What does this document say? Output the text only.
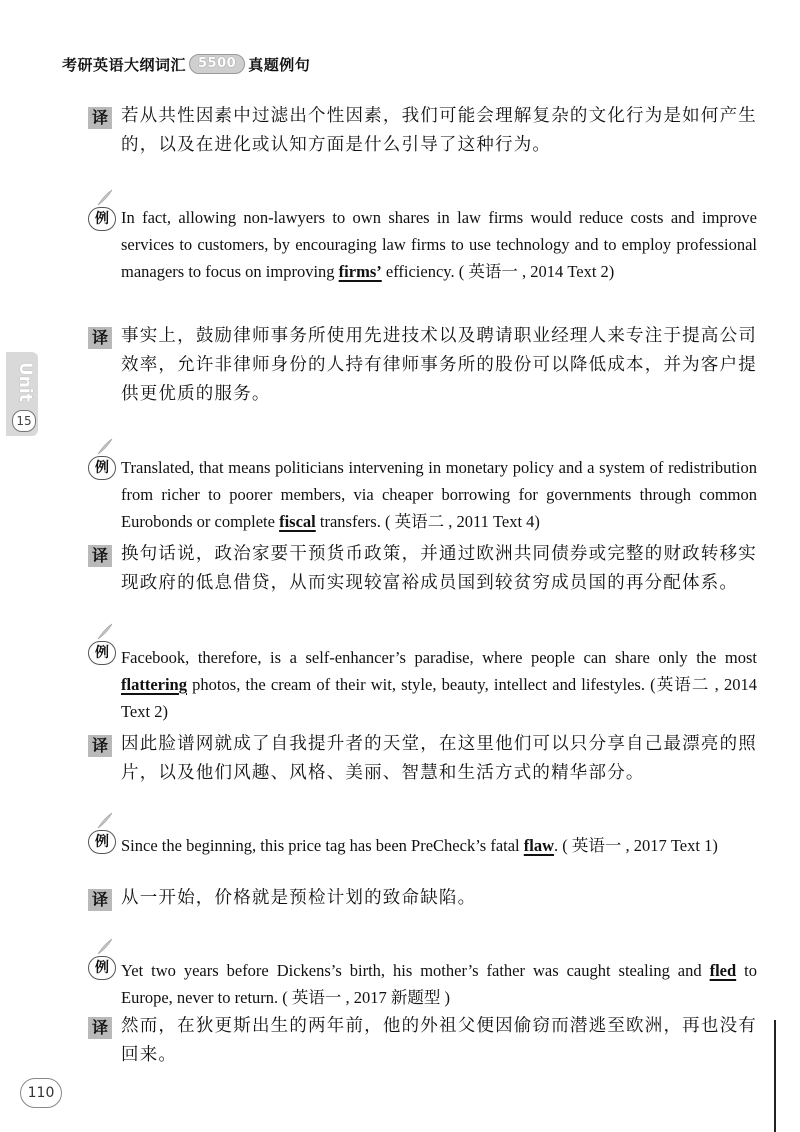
考研英语大纲词汇 5500 真题例句
Unit
15
译 若从共性因素中过滤出个性因素，我们可能会理解复杂的文化行为是如何产生的，以及在进化或认知方面是什么引导了这种行为。
例 In fact, allowing non-lawyers to own shares in law firms would reduce costs and improve services to customers, by encouraging law firms to use technology and to employ professional managers to focus on improving firms’ efficiency. ( 英语一 , 2014 Text 2)
译 事实上，鼓励律师事务所使用先进技术以及聘请职业经理人来专注于提高公司效率，允许非律师身份的人持有律师事务所的股份可以降低成本，并为客户提供更优质的服务。
例 Translated, that means politicians intervening in monetary policy and a system of redistribution from richer to poorer members, via cheaper borrowing for governments through common Eurobonds or complete fiscal transfers. ( 英语二 , 2011 Text 4)
译 换句话说，政治家要干预货币政策，并通过欧洲共同债券或完整的财政转移实现政府的低息借贷，从而实现较富裕成员国到较贫穷成员国的再分配体系。
例 Facebook, therefore, is a self-enhancer’s paradise, where people can share only the most flattering photos, the cream of their wit, style, beauty, intellect and lifestyles. (英语二 , 2014 Text 2)
译 因此脸谱网就成了自我提升者的天堂，在这里他们可以只分享自己最漂亮的照片，以及他们风趣、风格、美丽、智慧和生活方式的精华部分。
例 Since the beginning, this price tag has been PreCheck’s fatal flaw. ( 英语一 , 2017 Text 1)
译 从一开始，价格就是预检计划的致命缺陷。
例 Yet two years before Dickens’s birth, his mother’s father was caught stealing and fled to Europe, never to return. ( 英语一 , 2017 新题型 )
译 然而，在狄更斯出生的两年前，他的外祖父便因偷窃而潜逃至欧洲，再也没有回来。
110
